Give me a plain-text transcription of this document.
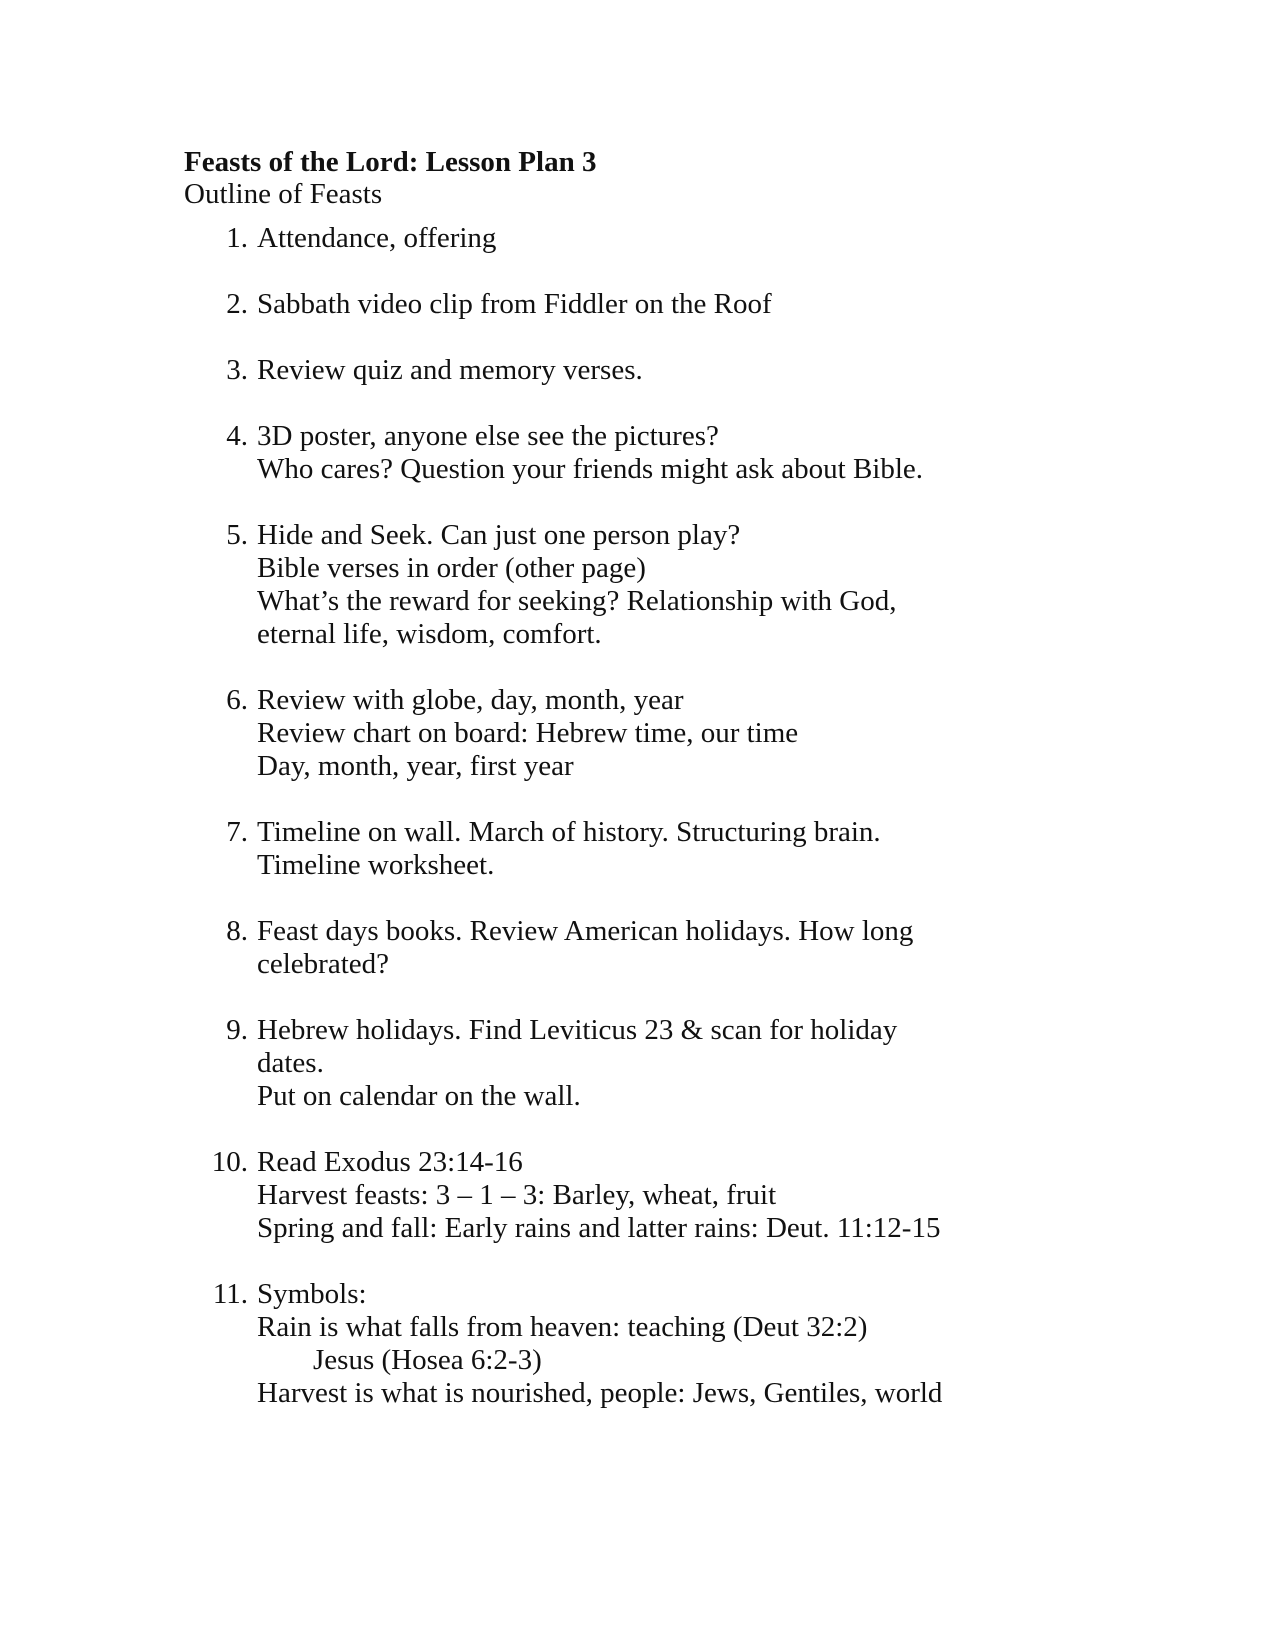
Feasts of the Lord: Lesson Plan 3
Outline of Feasts
1. Attendance, offering
2. Sabbath video clip from Fiddler on the Roof
3. Review quiz and memory verses.
4. 3D poster, anyone else see the pictures?
Who cares? Question your friends might ask about Bible.
5. Hide and Seek. Can just one person play?
Bible verses in order (other page)
What’s the reward for seeking? Relationship with God,
eternal life, wisdom, comfort.
6. Review with globe, day, month, year
Review chart on board: Hebrew time, our time
Day, month, year, first year
7. Timeline on wall. March of history. Structuring brain.
Timeline worksheet.
8. Feast days books. Review American holidays. How long
celebrated?
9. Hebrew holidays. Find Leviticus 23 & scan for holiday
dates.
Put on calendar on the wall.
10. Read Exodus 23:14-16
Harvest feasts: 3 – 1 – 3: Barley, wheat, fruit
Spring and fall: Early rains and latter rains: Deut. 11:12-15
11. Symbols:
Rain is what falls from heaven: teaching (Deut 32:2)
Jesus (Hosea 6:2-3)
Harvest is what is nourished, people: Jews, Gentiles, world
